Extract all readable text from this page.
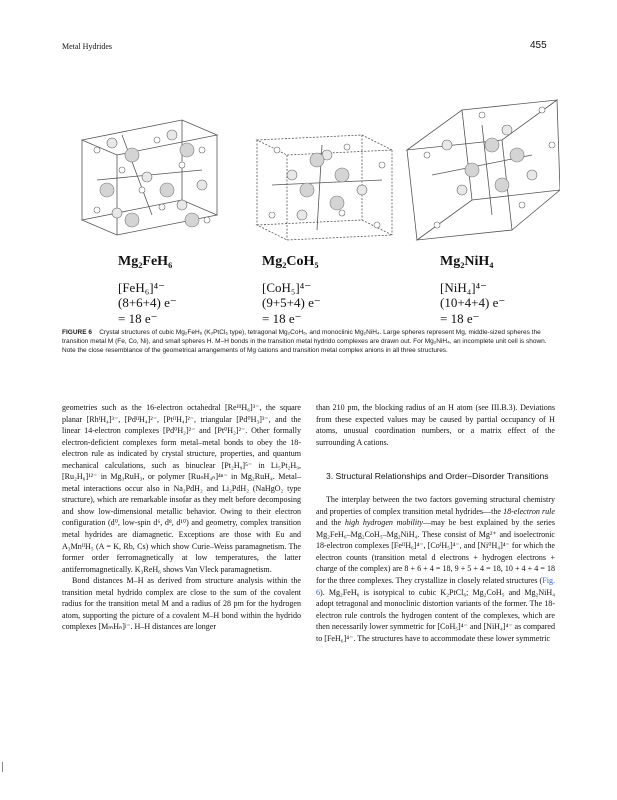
Metal Hydrides	455
Mg₂FeH₆
[FeH₆]⁴⁻
(8+6+4) e⁻
= 18 e⁻
Mg₂CoH₅
[CoH₅]⁴⁻
(9+5+4) e⁻
= 18 e⁻
Mg₂NiH₄
[NiH₄]⁴⁻
(10+4+4) e⁻
= 18 e⁻
FIGURE 6 Crystal structures of cubic Mg₂FeH₆ (K₂PtCl₆ type), tetragonal Mg₂CoH₅, and monoclinic Mg₂NiH₄. Large spheres represent Mg, middle-sized spheres the transition metal M (Fe, Co, Ni), and small spheres H. M–H bonds in the transition metal hydrido complexes are drawn out. For Mg₂NiH₄, an incomplete unit cell is shown. Note the close resemblance of the geometrical arrangements of Mg cations and transition metal complex anions in all three structures.

geometries such as the 16-electron octahedral [ReᴵᴵᴵH₆]³⁻, the square planar [RhᴵH₄]³⁻, [PdᴵᴵH₄]²⁻, [PtᴵᴵH₄]²⁻, triangular [Pd⁰H₃]³⁻, and the linear 14-electron complexes [Pd⁰H₂]²⁻ and [Pt⁰H₂]²⁻. Other formally electron-deficient complexes form metal–metal bonds to obey the 18-electron rule as indicated by crystal structure, properties, and quantum mechanical calculations, such as binuclear [Pt₂H₉]⁵⁻ in Li₅Pt₂H₉, [Ru₂H₆]¹²⁻ in Mg₃RuH₃, or polymer [RuₙH₄ₙ]⁴ⁿ⁻ in Mg₂RuH₄. Metal–metal interactions occur also in Na₂PdH₂ and Li₂PdH₂ (NaHgO₂ type structure), which are remarkable insofar as they melt before decomposing and show low-dimensional metallic behavior. Owing to their electron configuration (d⁰, low-spin d⁶, d⁸, d¹⁰) and geometry, complex transition metal hydrides are diamagnetic. Exceptions are those with Eu and A₃MnᴵᴵH₅ (A = K, Rb, Cs) which show Curie–Weiss paramagnetism. The former order ferromagnetically at low temperatures, the latter antiferromagnetically. K₃ReH₆ shows Van Vleck paramagnetism.

Bond distances M–H as derived from structure analysis within the transition metal hydrido complex are close to the sum of the covalent radius for the transition metal M and a radius of 28 pm for the hydrogen atom, supporting the picture of a covalent M–H bond within the hydrido complexes [MₘHₙ]ʲ⁻. H–H distances are longer

than 210 pm, the blocking radius of an H atom (see III.B.3). Deviations from these expected values may be caused by partial occupancy of H atoms, unusual coordination numbers, or a matrix effect of the surrounding A cations.

3. Structural Relationships and Order–Disorder Transitions

The interplay between the two factors governing structural chemistry and properties of complex transition metal hydrides—the 18-electron rule and the high hydrogen mobility—may be best explained by the series Mg₂FeH₆–Mg₂CoH₅–Mg₂NiH₄. These consist of Mg²⁺ and isoelectronic 18-electron complexes [FeᴵᴵH₆]⁴⁻, [CoᴵH₅]⁴⁻, and [Ni⁰H₄]⁴⁻ for which the electron counts (transition metal d electrons + hydrogen electrons + charge of the complex) are 8 + 6 + 4 = 18, 9 + 5 + 4 = 18, 10 + 4 + 4 = 18 for the three complexes. They crystallize in closely related structures (Fig. 6). Mg₂FeH₆ is isotypical to cubic K₂PtCl₆; Mg₂CoH₅ and Mg₂NiH₄ adopt tetragonal and monoclinic distortion variants of the former. The 18-electron rule controls the hydrogen content of the complexes, which are then necessarily lower symmetric for [CoH₅]⁴⁻ and [NiH₄]⁴⁻ as compared to [FeH₆]⁴⁻. The structures have to accommodate these lower symmetric
